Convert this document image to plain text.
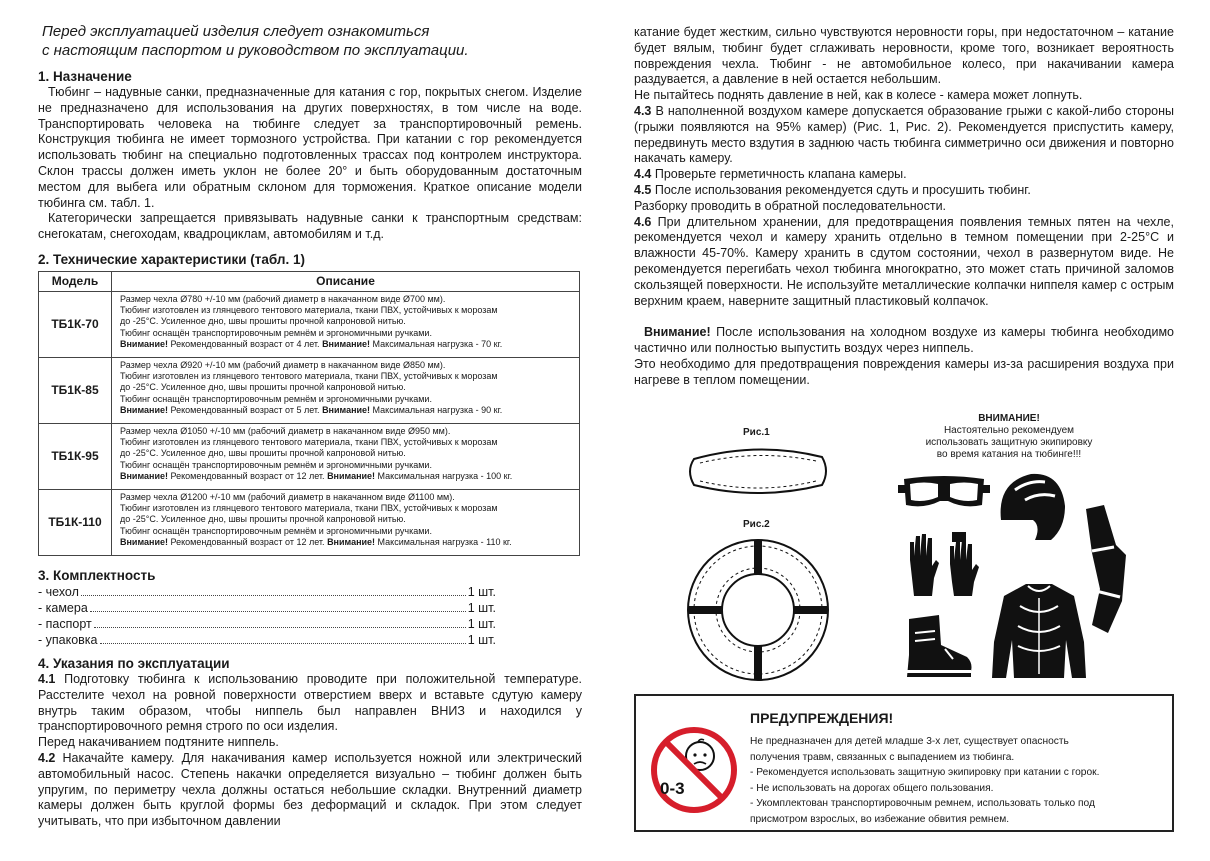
Перед эксплуатацией изделия следует ознакомиться
с настоящим паспортом и руководством по эксплуатации.
1. Назначение

Тюбинг – надувные санки, предназначенные для катания с гор, покрытых снегом. Изделие не предназначено для использования на других поверхностях, в том числе на воде. Транспортировать человека на тюбинге следует за транспортировочный ремень. Конструкция тюбинга не имеет тормозного устройства. При катании с гор рекомендуется использовать тюбинг на специально подготовленных трассах под контролем инструктора. Склон трассы должен иметь уклон не более 20° и быть оборудованным достаточным местом для выбега или обратным склоном для торможения. Краткое описание модели тюбинга см. табл. 1.

Категорически запрещается привязывать надувные санки к транспортным средствам: снегокатам, снегоходам, квадроциклам, автомобилям и т.д.

2. Технические характеристики (табл. 1)
Модель	Описание
ТБ1К-70	Размер чехла Ø780 +/-10 мм (рабочий диаметр в накачанном виде Ø700 мм).
Тюбинг изготовлен из глянцевого тентового материала, ткани ПВХ, устойчивых к морозам
до -25°С. Усиленное дно, швы прошиты прочной капроновой нитью.
Тюбинг оснащён транспортировочным ремнём и эргономичными ручками.
Внимание! Рекомендованный возраст от 4 лет. Внимание! Максимальная нагрузка - 70 кг.

ТБ1К-85	Размер чехла Ø920 +/-10 мм (рабочий диаметр в накачанном виде Ø850 мм).
Тюбинг изготовлен из глянцевого тентового материала, ткани ПВХ, устойчивых к морозам
до -25°С. Усиленное дно, швы прошиты прочной капроновой нитью.
Тюбинг оснащён транспортировочным ремнём и эргономичными ручками.
Внимание! Рекомендованный возраст от 5 лет. Внимание! Максимальная нагрузка - 90 кг.

ТБ1К-95	Размер чехла Ø1050 +/-10 мм (рабочий диаметр в накачанном виде Ø950 мм).
Тюбинг изготовлен из глянцевого тентового материала, ткани ПВХ, устойчивых к морозам
до -25°С. Усиленное дно, швы прошиты прочной капроновой нитью.
Тюбинг оснащён транспортировочным ремнём и эргономичными ручками.
Внимание! Рекомендованный возраст от 12 лет. Внимание! Максимальная нагрузка - 100 кг.

ТБ1К-110	Размер чехла Ø1200 +/-10 мм (рабочий диаметр в накачанном виде Ø1100 мм).
Тюбинг изготовлен из глянцевого тентового материала, ткани ПВХ, устойчивых к морозам
до -25°С. Усиленное дно, швы прошиты прочной капроновой нитью.
Тюбинг оснащён транспортировочным ремнём и эргономичными ручками.
Внимание! Рекомендованный возраст от 12 лет. Внимание! Максимальная нагрузка - 110 кг.
3. Комплектность
- чехол	1 шт.
- камера	1 шт.
- паспорт	1 шт.
- упаковка	1 шт.
4. Указания по эксплуатации

4.1 Подготовку тюбинга к использованию проводите при положительной температуре. Расстелите чехол на ровной поверхности отверстием вверх и вставьте сдутую камеру внутрь таким образом, чтобы ниппель был направлен ВНИЗ и находился у транспортировочного ремня строго по оси изделия.

Перед накачиванием подтяните ниппель.

4.2 Накачайте камеру. Для накачивания камер используется ножной или электрический автомобильный насос. Степень накачки определяется визуально – тюбинг должен быть упругим, по периметру чехла должны остаться небольшие складки. Внутренний диаметр камеры должен быть круглой формы без деформаций и складок. При этом следует учитывать, что при избыточном давлении

катание будет жестким, сильно чувствуются неровности горы, при недостаточном – катание будет вялым, тюбинг будет сглаживать неровности, кроме того, возникает вероятность повреждения чехла. Тюбинг - не автомобильное колесо, при накачивании камера раздувается, а давление в ней остается небольшим.

Не пытайтесь поднять давление в ней, как в колесе - камера может лопнуть.

4.3 В наполненной воздухом камере допускается образование грыжи с какой-либо стороны (грыжи появляются на 95% камер) (Рис. 1, Рис. 2). Рекомендуется приспустить камеру, передвинуть место вздутия в заднюю часть тюбинга симметрично оси движения и повторно накачать камеру.

4.4 Проверьте герметичность клапана камеры.

4.5 После использования рекомендуется сдуть и просушить тюбинг.

Разборку проводить в обратной последовательности.

4.6 При длительном хранении, для предотвращения появления темных пятен на чехле, рекомендуется чехол и камеру хранить отдельно в темном помещении при 2-25°С и влажности 45-70%. Камеру хранить в сдутом состоянии, чехол в развернутом виде. Не рекомендуется перегибать чехол тюбинга многократно, это может стать причиной заломов скользящей поверхности. Не используйте металлические колпачки ниппеля камер с острым верхним краем, наверните защитный пластиковый колпачок.

Внимание! После использования на холодном воздухе из камеры тюбинга необходимо частично или полностью выпустить воздух через ниппель.

Это необходимо для предотвращения повреждения камеры из-за расширения воздуха при нагреве в теплом помещении.

Рис.1
Рис.2
ВНИМАНИЕ!
Настоятельно рекомендуем
использовать защитную экипировку
во время катания на тюбинге!!!
0-3
ПРЕДУПРЕЖДЕНИЯ!
Не предназначен для детей младше 3-х лет, существует опасность
получения травм, связанных с выпадением из тюбинга.
- Рекомендуется использовать защитную экипировку при катании с горок.
- Не использовать на дорогах общего пользования.
- Укомплектован транспортировочным ремнем, использовать только под
присмотром взрослых, во избежание обвития ремнем.
